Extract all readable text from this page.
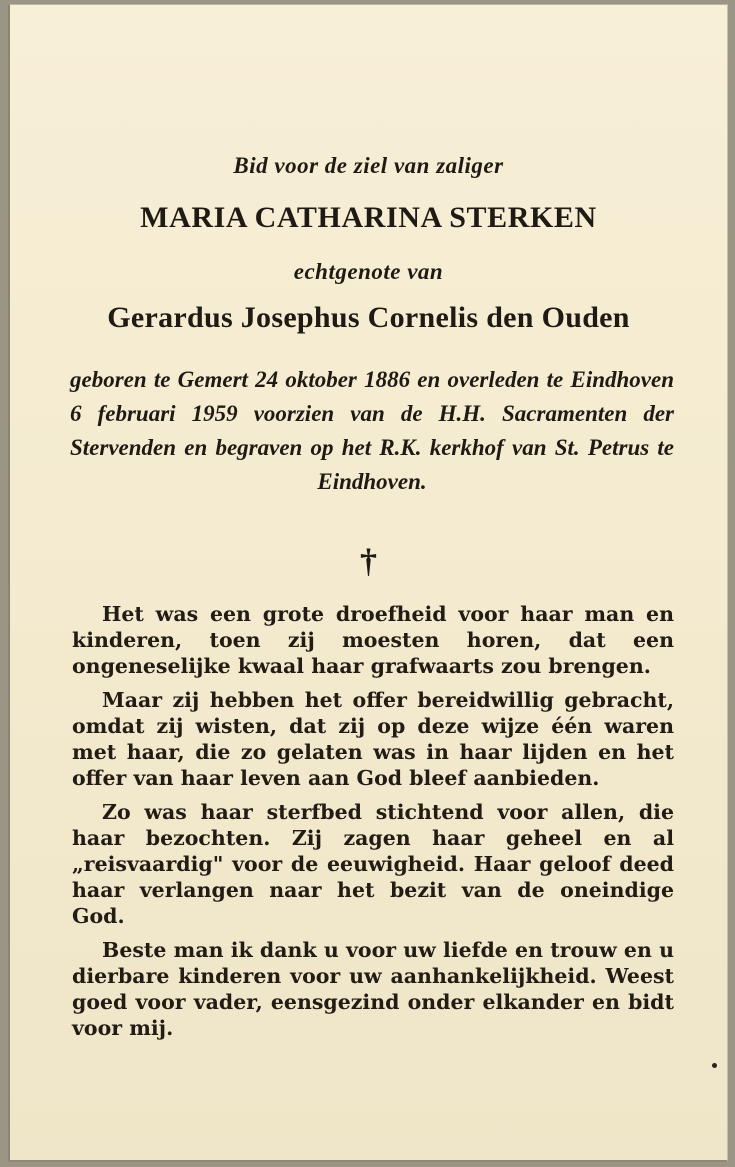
Bid voor de ziel van zaliger
MARIA CATHARINA STERKEN
echtgenote van
Gerardus Josephus Cornelis den Ouden
geboren te Gemert 24 oktober 1886 en overleden te Eindhoven 6 februari 1959 voorzien van de H.H. Sacramenten der Stervenden en begraven op het R.K. kerkhof van St. Petrus te Eindhoven.
†

Het was een grote droefheid voor haar man en kinderen, toen zij moesten horen, dat een ongeneselijke kwaal haar grafwaarts zou brengen.

Maar zij hebben het offer bereidwillig gebracht, omdat zij wisten, dat zij op deze wijze één waren met haar, die zo gelaten was in haar lijden en het offer van haar leven aan God bleef aanbieden.

Zo was haar sterfbed stichtend voor allen, die haar bezochten. Zij zagen haar geheel en al „reisvaardig" voor de eeuwigheid. Haar geloof deed haar verlangen naar het bezit van de oneindige God.

Beste man ik dank u voor uw liefde en trouw en u dierbare kinderen voor uw aanhankelijkheid. Weest goed voor vader, eensgezind onder elkander en bidt voor mij.
